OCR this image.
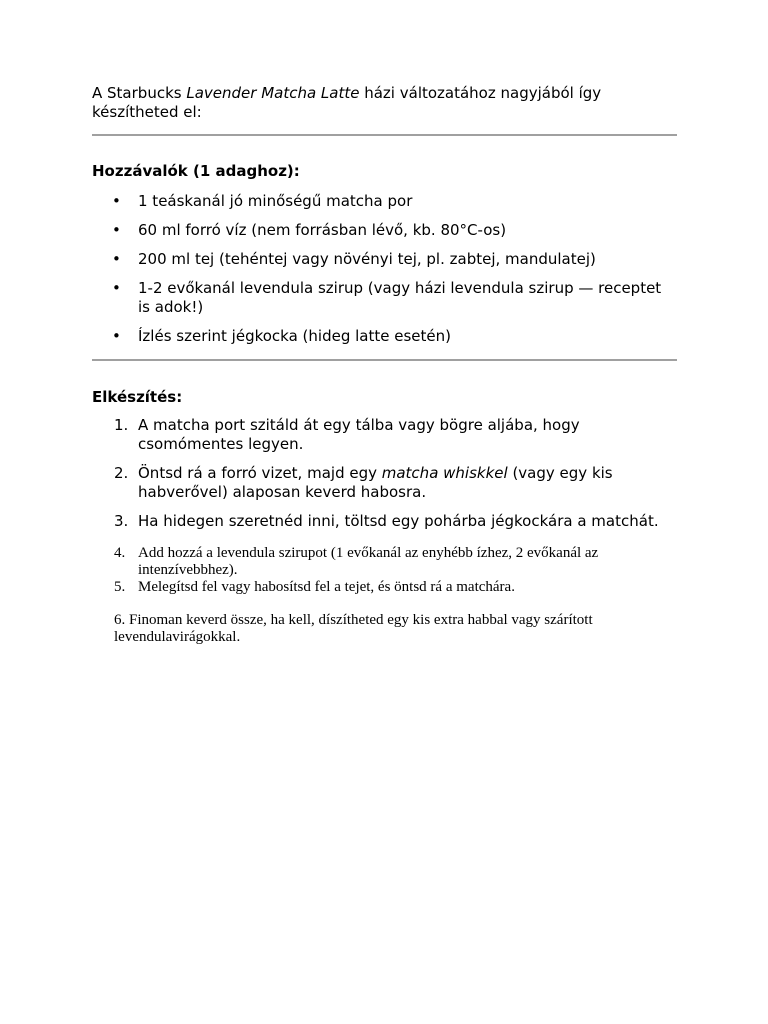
A Starbucks Lavender Matcha Latte házi változatához nagyjából így készítheted el:
Hozzávalók (1 adaghoz):
• 1 teáskanál jó minőségű matcha por
• 60 ml forró víz (nem forrásban lévő, kb. 80°C-os)
• 200 ml tej (tehéntej vagy növényi tej, pl. zabtej, mandulatej)
• 1-2 evőkanál levendula szirup (vagy házi levendula szirup — receptet is adok!)
• Ízlés szerint jégkocka (hideg latte esetén)
Elkészítés:
1. A matcha port szitáld át egy tálba vagy bögre aljába, hogy csomómentes legyen.
2. Öntsd rá a forró vizet, majd egy matcha whiskkel (vagy egy kis habverővel) alaposan keverd habosra.
3. Ha hidegen szeretnéd inni, töltsd egy pohárba jégkockára a matchát.
4. Add hozzá a levendula szirupot (1 evőkanál az enyhébb ízhez, 2 evőkanál az intenzívebbhez).
5. Melegítsd fel vagy habosítsd fel a tejet, és öntsd rá a matchára.
6. Finoman keverd össze, ha kell, díszítheted egy kis extra habbal vagy szárított levendulavirágokkal.
